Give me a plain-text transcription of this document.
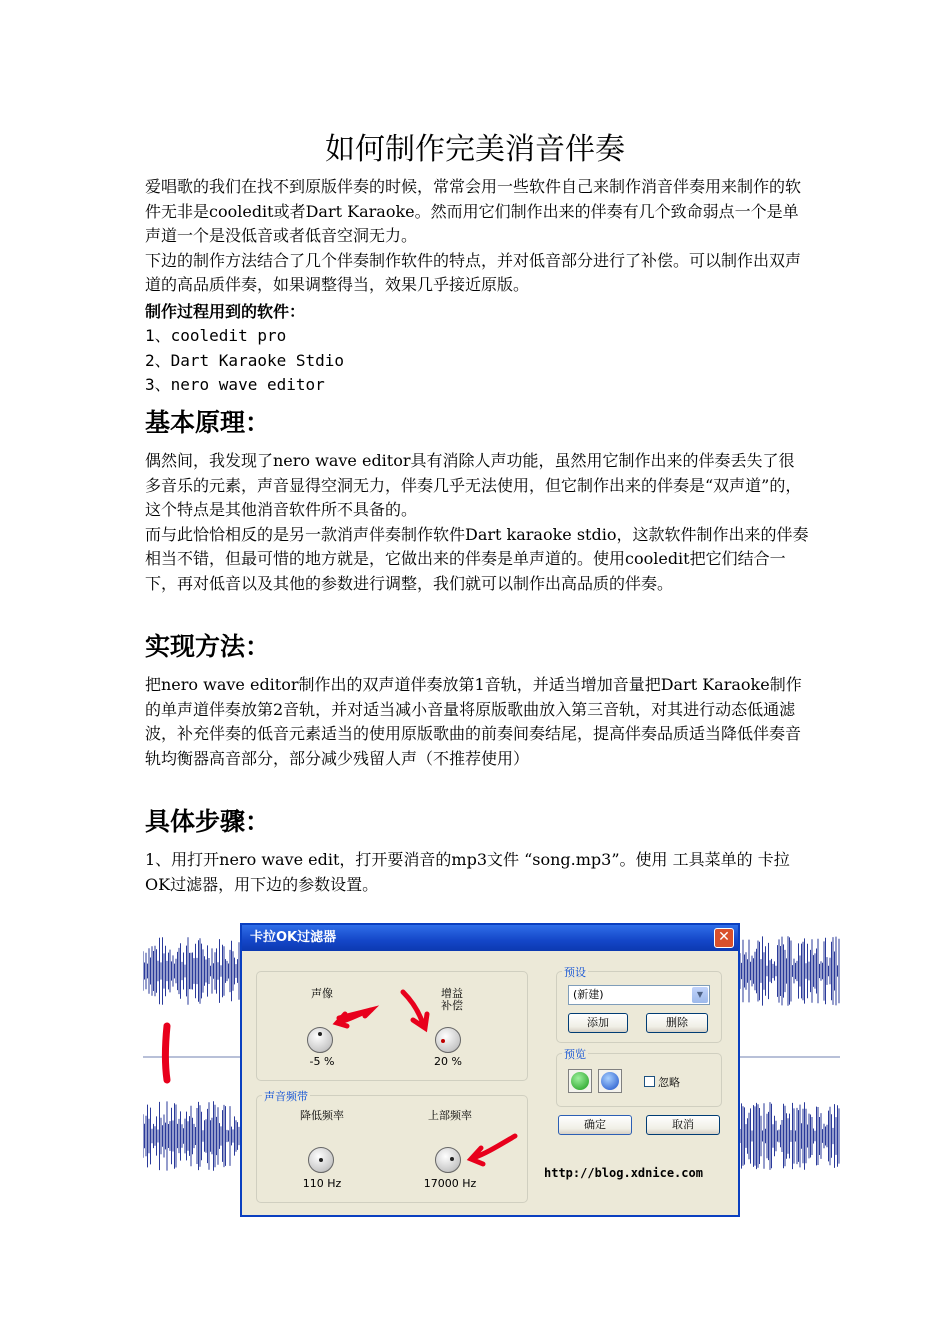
如何制作完美消音伴奏

爱唱歌的我们在找不到原版伴奏的时候，常常会用一些软件自己来制作消音伴奏用来制作的软件无非是cooledit或者Dart Karaoke。然而用它们制作出来的伴奏有几个致命弱点一个是单声道一个是没低音或者低音空洞无力。

下边的制作方法结合了几个伴奏制作软件的特点，并对低音部分进行了补偿。可以制作出双声道的高品质伴奏，如果调整得当，效果几乎接近原版。

制作过程用到的软件：

1、cooledit pro

2、Dart Karaoke Stdio

3、nero wave editor

基本原理：

偶然间，我发现了nero wave editor具有消除人声功能，虽然用它制作出来的伴奏丢失了很多音乐的元素，声音显得空洞无力，伴奏几乎无法使用，但它制作出来的伴奏是“双声道”的，这个特点是其他消音软件所不具备的。

而与此恰恰相反的是另一款消声伴奏制作软件Dart karaoke stdio，这款软件制作出来的伴奏相当不错，但最可惜的地方就是，它做出来的伴奏是单声道的。使用cooledit把它们结合一下，再对低音以及其他的参数进行调整，我们就可以制作出高品质的伴奏。

实现方法：
把nero wave editor制作出的双声道伴奏放第1音轨，并适当增加音量把Dart Karaoke制作的单声道伴奏放第2音轨，并对适当减小音量将原版歌曲放入第三音轨，对其进行动态低通滤波，补充伴奏的低音元素适当的使用原版歌曲的前奏间奏结尾，提高伴奏品质适当降低伴奏音轨均衡器高音部分，部分减少残留人声（不推荐使用）
具体步骤：
1、用打开nero wave edit，打开要消音的mp3文件 “song.mp3”。使用 工具菜单的 卡拉OK过滤器，用下边的参数设置。
卡拉OK过滤器	✕
声像	增益
补偿
-5 %	20 %
声音频带
降低频率	上部频率
110 Hz	17000 Hz
预设
(新建)	▼
添加	删除
预览
忽略
确定	取消
http://blog.xdnice.com
